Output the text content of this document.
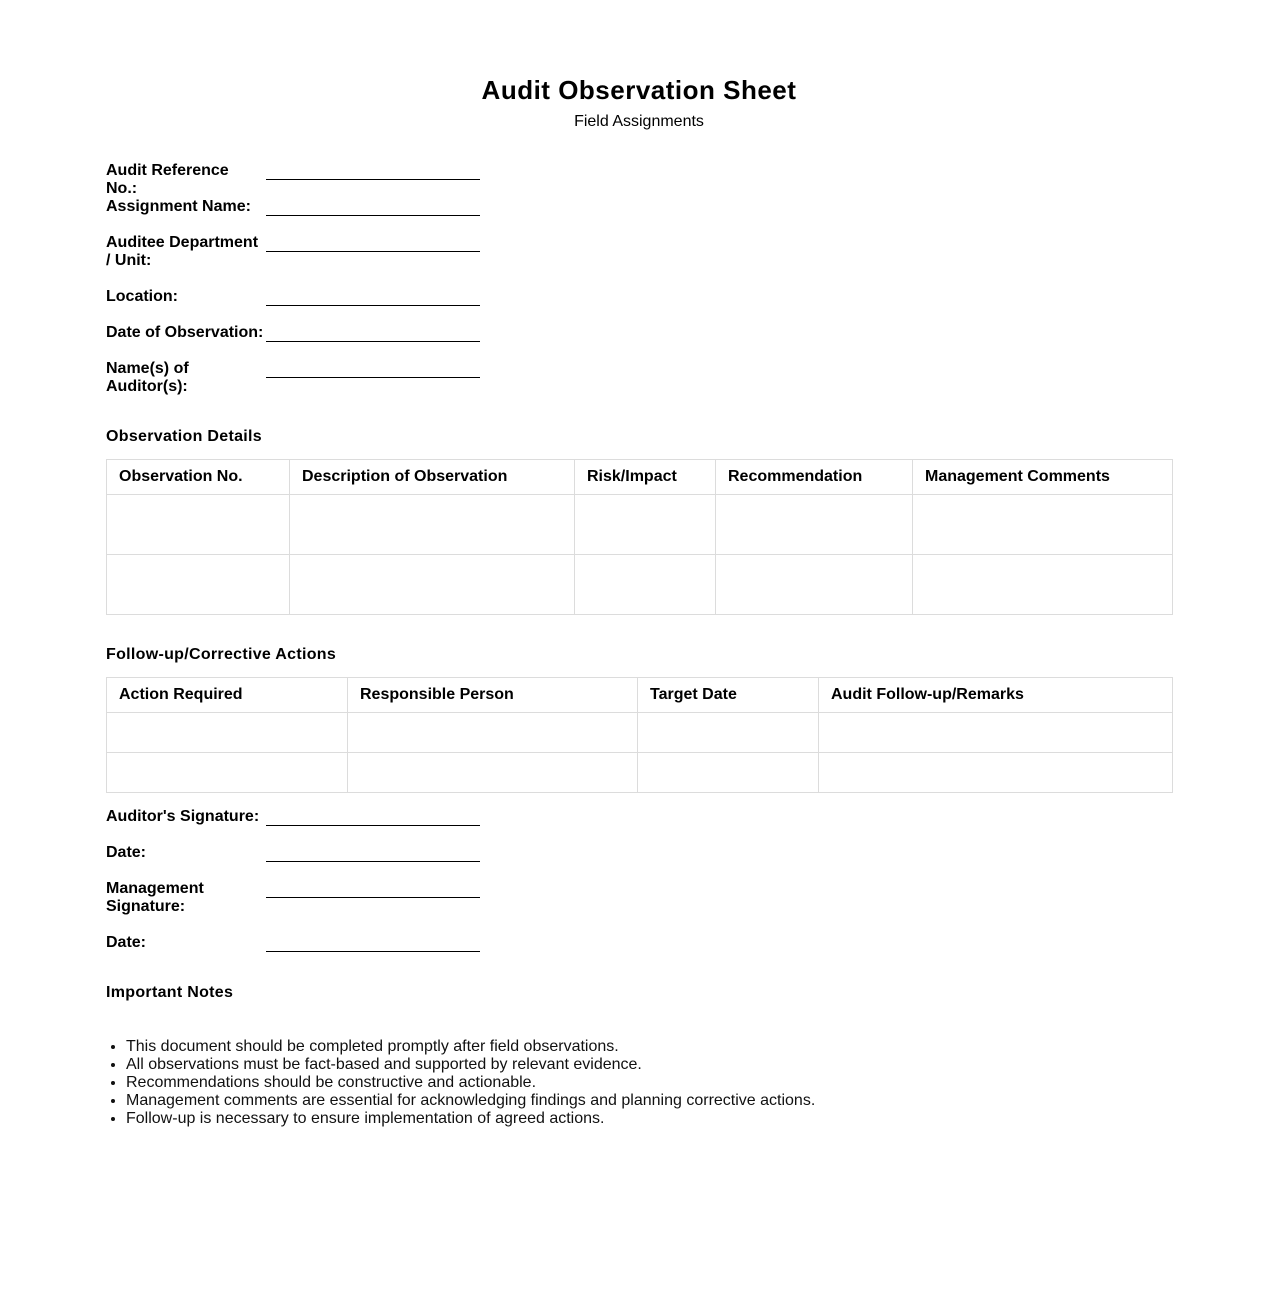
Audit Observation Sheet
Field Assignments
Audit Reference No.:
Assignment Name:
Auditee Department / Unit:
Location:
Date of Observation:
Name(s) of Auditor(s):
Observation Details
Observation No.	Description of Observation	Risk/Impact	Recommendation	Management Comments

Follow-up/Corrective Actions
Action Required	Responsible Person	Target Date	Audit Follow-up/Remarks

Auditor's Signature:
Date:
Management Signature:
Date:
Important Notes
• This document should be completed promptly after field observations.
• All observations must be fact-based and supported by relevant evidence.
• Recommendations should be constructive and actionable.
• Management comments are essential for acknowledging findings and planning corrective actions.
• Follow-up is necessary to ensure implementation of agreed actions.
